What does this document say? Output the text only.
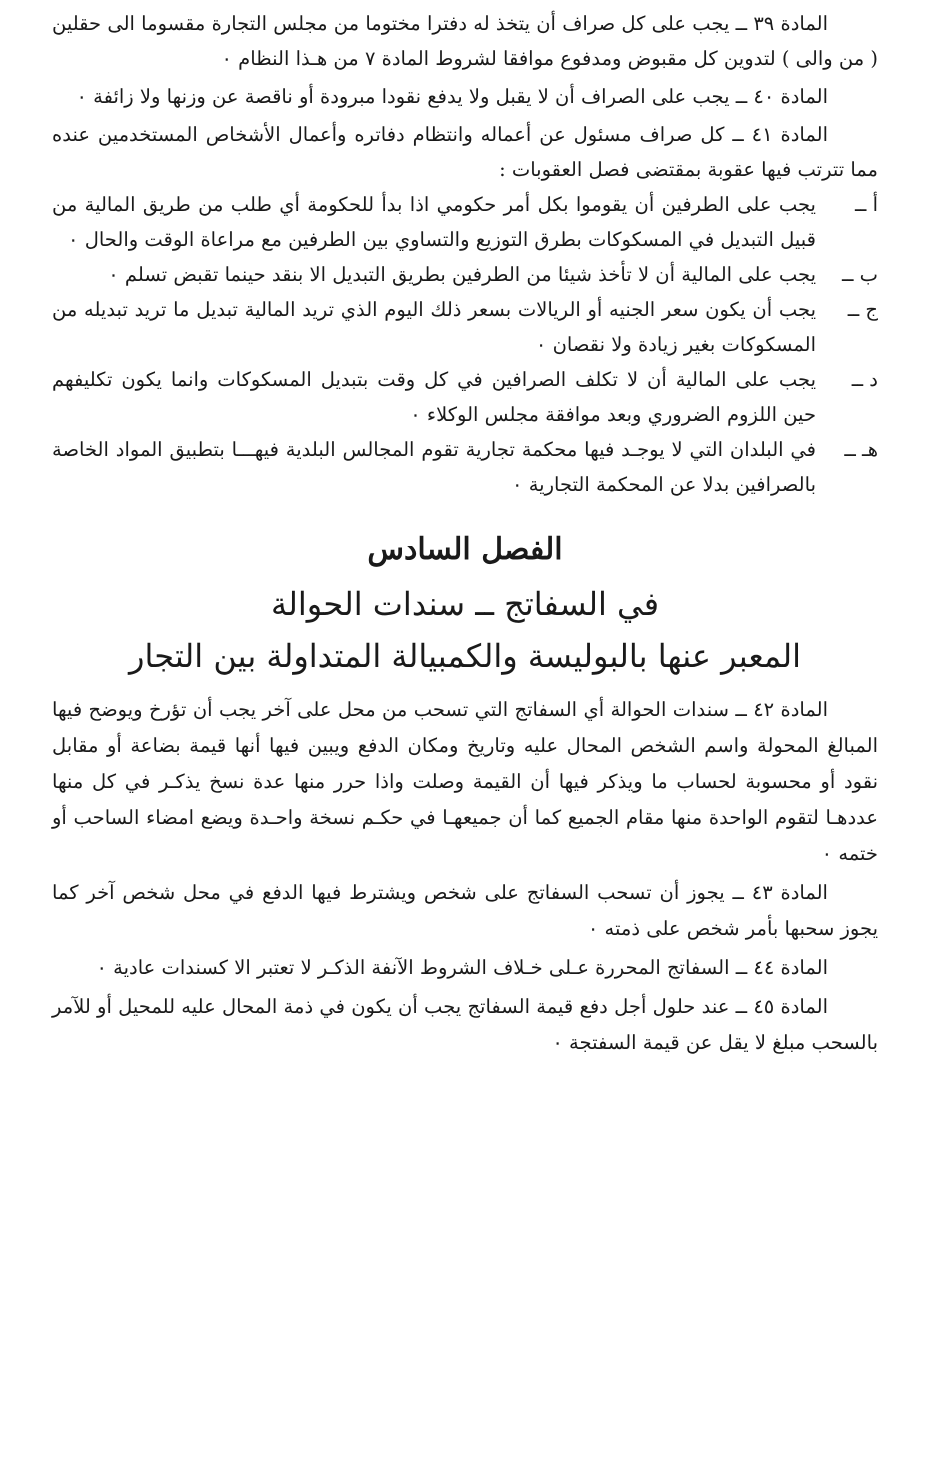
المادة ٣٩ ــ يجب على كل صراف أن يتخذ له دفترا مختوما من مجلس التجارة مقسوما الى حقلين ( من والى ) لتدوين كل مقبوض ومدفوع موافقا لشروط المادة ٧ من هـذا النظام ٠

المادة ٤٠ ــ يجب على الصراف أن لا يقبل ولا يدفع نقودا مبرودة أو ناقصة عن وزنها ولا زائفة ٠

المادة ٤١ ــ كل صراف مسئول عن أعماله وانتظام دفاتره وأعمال الأشخاص المستخدمين عنده مما تترتب فيها عقوبة بمقتضى فصل العقوبات :

أ ــ
يجب على الطرفين أن يقوموا بكل أمر حكومي اذا بدأ للحكومة أي طلب من طريق المالية من قبيل التبديل في المسكوكات بطرق التوزيع والتساوي بين الطرفين مع مراعاة الوقت والحال ٠
ب ــ
يجب على المالية أن لا تأخذ شيئا من الطرفين بطريق التبديل الا بنقد حينما تقبض تسلم ٠
ج ــ
يجب أن يكون سعر الجنيه أو الريالات بسعر ذلك اليوم الذي تريد المالية تبديل ما تريد تبديله من المسكوكات بغير زيادة ولا نقصان ٠
د ــ
يجب على المالية أن لا تكلف الصرافين في كل وقت بتبديل المسكوكات وانما يكون تكليفهم حين اللزوم الضروري وبعد موافقة مجلس الوكلاء ٠
هـ ــ
في البلدان التي لا يوجـد فيها محكمة تجارية تقوم المجالس البلدية فيهـــا بتطبيق المواد الخاصة بالصرافين بدلا عن المحكمة التجارية ٠
الفصل السادس

في السفاتج ــ سندات الحوالة

المعبر عنها بالبوليسة والكمبيالة المتداولة بين التجار

المادة ٤٢ ــ سندات الحوالة أي السفاتج التي تسحب من محل على آخر يجب أن تؤرخ ويوضح فيها المبالغ المحولة واسم الشخص المحال عليه وتاريخ ومكان الدفع ويبين فيها أنها قيمة بضاعة أو مقابل نقود أو محسوبة لحساب ما ويذكر فيها أن القيمة وصلت واذا حرر منها عدة نسخ يذكـر في كل منها عددهـا لتقوم الواحدة منها مقام الجميع كما أن جميعهـا في حكـم نسخة واحـدة ويضع امضاء الساحب أو ختمه ٠

المادة ٤٣ ــ يجوز أن تسحب السفاتج على شخص ويشترط فيها الدفع في محل شخص آخر كما يجوز سحبها بأمر شخص على ذمته ٠

المادة ٤٤ ــ السفاتج المحررة عـلى خـلاف الشروط الآنفة الذكـر لا تعتبر الا كسندات عادية ٠

المادة ٤٥ ــ عند حلول أجل دفع قيمة السفاتج يجب أن يكون في ذمة المحال عليه للمحيل أو للآمر بالسحب مبلغ لا يقل عن قيمة السفتجة ٠
